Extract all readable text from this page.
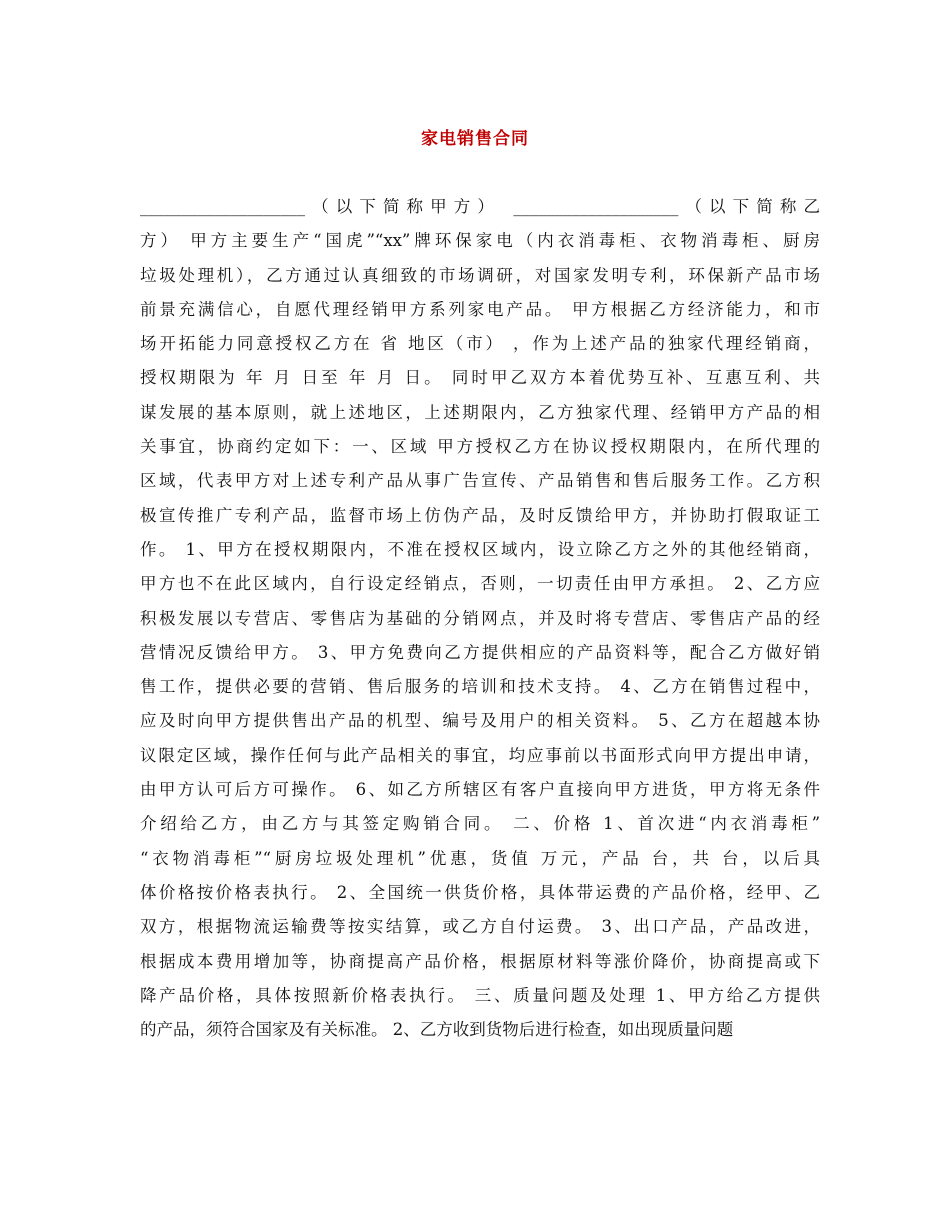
家电销售合同
____________________（以下简称甲方） ____________________（以下简称乙
方） 甲方主要生产“国虎”“xx”牌环保家电（内衣消毒柜、衣物消毒柜、厨房
垃圾处理机），乙方通过认真细致的市场调研，对国家发明专利，环保新产品市场
前景充满信心，自愿代理经销甲方系列家电产品。 甲方根据乙方经济能力，和市
场开拓能力同意授权乙方在 省 地区（市） ，作为上述产品的独家代理经销商，
授权期限为 年 月 日至 年 月 日。 同时甲乙双方本着优势互补、互惠互利、共
谋发展的基本原则，就上述地区，上述期限内，乙方独家代理、经销甲方产品的相
关事宜，协商约定如下：一、区域 甲方授权乙方在协议授权期限内，在所代理的
区域，代表甲方对上述专利产品从事广告宣传、产品销售和售后服务工作。乙方积
极宣传推广专利产品，监督市场上仿伪产品，及时反馈给甲方，并协助打假取证工
作。 1、甲方在授权期限内，不准在授权区域内，设立除乙方之外的其他经销商，
甲方也不在此区域内，自行设定经销点，否则，一切责任由甲方承担。 2、乙方应
积极发展以专营店、零售店为基础的分销网点，并及时将专营店、零售店产品的经
营情况反馈给甲方。 3、甲方免费向乙方提供相应的产品资料等，配合乙方做好销
售工作，提供必要的营销、售后服务的培训和技术支持。 4、乙方在销售过程中，
应及时向甲方提供售出产品的机型、编号及用户的相关资料。 5、乙方在超越本协
议限定区域，操作任何与此产品相关的事宜，均应事前以书面形式向甲方提出申请，
由甲方认可后方可操作。 6、如乙方所辖区有客户直接向甲方进货，甲方将无条件
介绍给乙方，由乙方与其签定购销合同。 二、价格 1、首次进“内衣消毒柜”
“衣物消毒柜”“厨房垃圾处理机”优惠，货值 万元，产品 台，共 台，以后具
体价格按价格表执行。 2、全国统一供货价格，具体带运费的产品价格，经甲、乙
双方，根据物流运输费等按实结算，或乙方自付运费。 3、出口产品，产品改进，
根据成本费用增加等，协商提高产品价格，根据原材料等涨价降价，协商提高或下
降产品价格，具体按照新价格表执行。 三、质量问题及处理 1、甲方给乙方提供
的产品，须符合国家及有关标准。 2、乙方收到货物后进行检查，如出现质量问题
